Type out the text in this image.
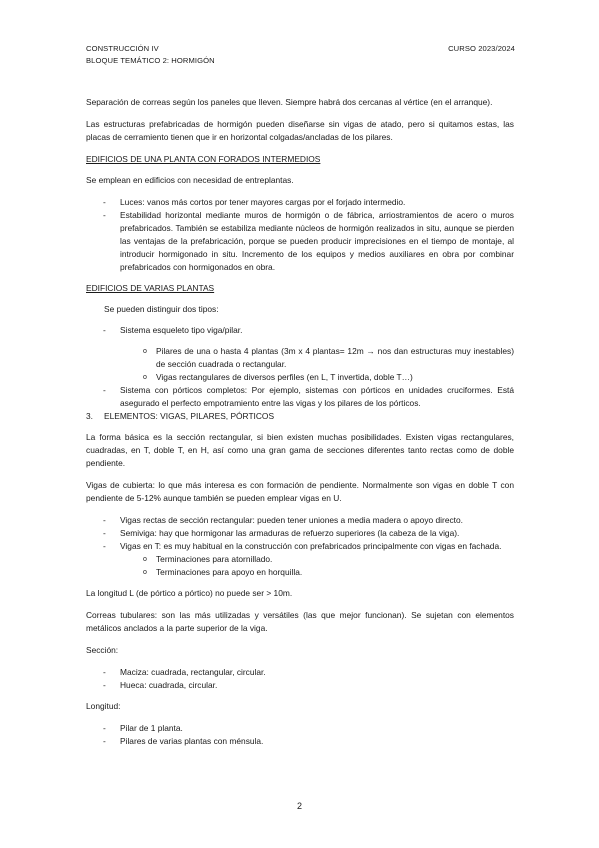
CONSTRUCCIÓN IV
BLOQUE TEMÁTICO 2: HORMIGÓN
CURSO 2023/2024

Separación de correas según los paneles que lleven. Siempre habrá dos cercanas al vértice (en el arranque).

Las estructuras prefabricadas de hormigón pueden diseñarse sin vigas de atado, pero si quitamos estas, las placas de cerramiento tienen que ir en horizontal colgadas/ancladas de los pilares.

EDIFICIOS DE UNA PLANTA CON FORADOS INTERMEDIOS

Se emplean en edificios con necesidad de entreplantas.

- Luces: vanos más cortos por tener mayores cargas por el forjado intermedio.
- Estabilidad horizontal mediante muros de hormigón o de fábrica, arriostramientos de acero o muros prefabricados. También se estabiliza mediante núcleos de hormigón realizados in situ, aunque se pierden las ventajas de la prefabricación, porque se pueden producir imprecisiones en el tiempo de montaje, al introducir hormigonado in situ. Incremento de los equipos y medios auxiliares en obra por combinar prefabricados con hormigonados en obra.
EDIFICIOS DE VARIAS PLANTAS
Se pueden distinguir dos tipos:
- Sistema esqueleto tipo viga/pilar.
o Pilares de una o hasta 4 plantas (3m x 4 plantas= 12m → nos dan estructuras muy inestables) de sección cuadrada o rectangular.
o Vigas rectangulares de diversos perfiles (en L, T invertida, doble T…)
- Sistema con pórticos completos: Por ejemplo, sistemas con pórticos en unidades cruciformes. Está asegurado el perfecto empotramiento entre las vigas y los pilares de los pórticos.
3. ELEMENTOS: VIGAS, PILARES, PÓRTICOS

La forma básica es la sección rectangular, si bien existen muchas posibilidades. Existen vigas rectangulares, cuadradas, en T, doble T, en H, así como una gran gama de secciones diferentes tanto rectas como de doble pendiente.

Vigas de cubierta: lo que más interesa es con formación de pendiente. Normalmente son vigas en doble T con pendiente de 5-12% aunque también se pueden emplear vigas en U.

- Vigas rectas de sección rectangular: pueden tener uniones a media madera o apoyo directo.
- Semiviga: hay que hormigonar las armaduras de refuerzo superiores (la cabeza de la viga).
- Vigas en T: es muy habitual en la construcción con prefabricados principalmente con vigas en fachada.
o Terminaciones para atornillado.
o Terminaciones para apoyo en horquilla.

La longitud L (de pórtico a pórtico) no puede ser > 10m.

Correas tubulares: son las más utilizadas y versátiles (las que mejor funcionan). Se sujetan con elementos metálicos anclados a la parte superior de la viga.

Sección:

- Maciza: cuadrada, rectangular, circular.
- Hueca: cuadrada, circular.

Longitud:

- Pilar de 1 planta.
- Pilares de varias plantas con ménsula.
2
